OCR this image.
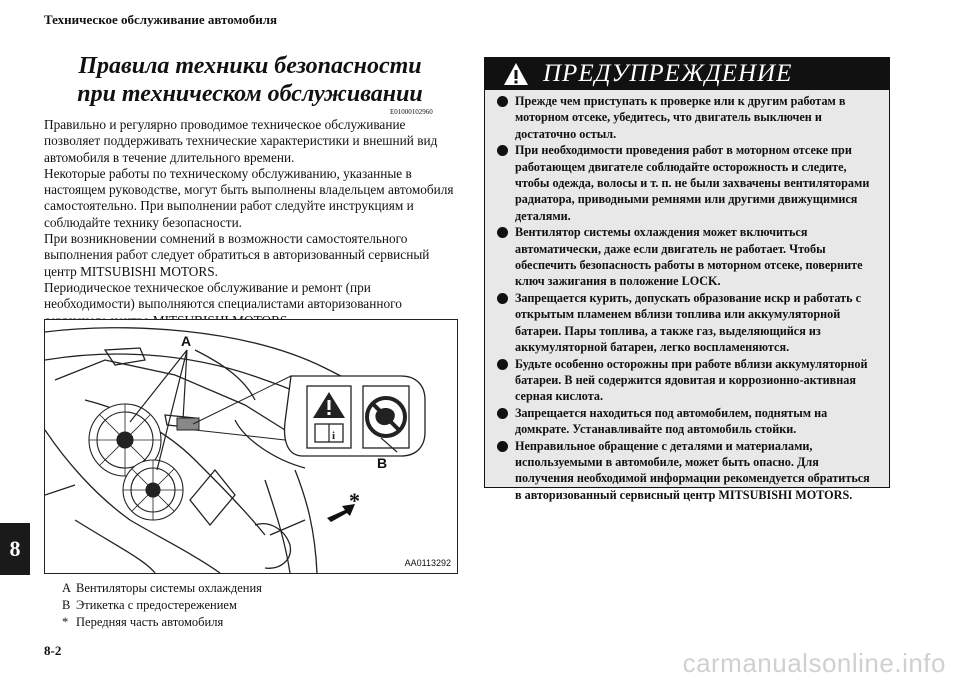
Техническое обслуживание автомобиля
Правила техники безопасности
при техническом обслуживании
E01000102960

Правильно и регулярно проводимое техническое обслуживание позволяет поддерживать технические характеристики и внешний вид автомобиля в течение длительного времени.

Некоторые работы по техническому обслуживанию, указанные в настоящем руководстве, могут быть выполнены владельцем автомобиля самостоятельно. При выполнении работ следуйте инструкциям и соблюдайте технику безопасности.

При возникновении сомнений в возможности самостоятельного выполнения работ следует обратиться в авторизованный сервисный центр MITSUBISHI MOTORS.

Периодическое техническое обслуживание и ремонт (при необходимости) выполняются специалистами авторизованного

i
A
B
*
AA0113292
A Вентиляторы системы охлаждения
B Этикетка с предостережением
* Передняя часть автомобиля
ПРЕДУПРЕЖДЕНИЕ
Прежде чем приступать к проверке или к другим работам в моторном отсеке, убедитесь, что двигатель выключен и достаточно остыл.
При необходимости проведения работ в моторном отсеке при работающем двигателе соблюдайте осторожность и следите, чтобы одежда, волосы и т. п. не были захвачены вентиляторами радиатора, приводными ремнями или другими движущимися деталями.
Вентилятор системы охлаждения может включиться автоматически, даже если двигатель не работает. Чтобы обеспечить безопасность работы в моторном отсеке, поверните ключ зажигания в положение LOCK.
Запрещается курить, допускать образование искр и работать с открытым пламенем вблизи топлива или аккумуляторной батареи. Пары топлива, а также газ, выделяющийся из аккумуляторной батареи, легко воспламеняются.
Будьте особенно осторожны при работе вблизи аккумуляторной батареи. В ней содержится ядовитая и коррозионно-активная серная кислота.
Запрещается находиться под автомобилем, поднятым на домкрате. Устанавливайте под автомобиль стойки.
Неправильное обращение с деталями и материалами, используемыми в автомобиле, может быть опасно. Для получения необходимой информации рекомендуется обратиться в авторизованный сервисный центр MITSUBISHI MOTORS.
8
8-2	carmanualsonline.info
